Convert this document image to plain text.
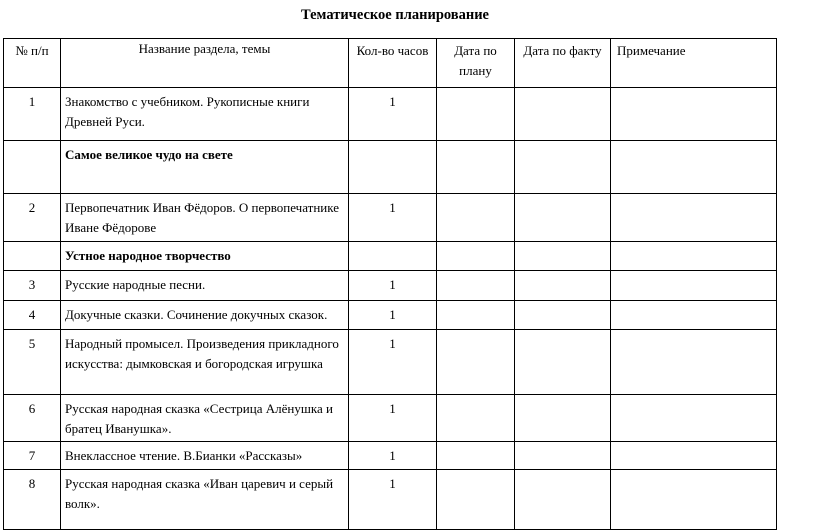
Тематическое планирование
№ п/п	Название раздела, темы	Кол-во часов	Дата по плану	Дата по факту	Примечание
1	Знакомство с учебником. Рукописные книги Древней Руси.	1			
	Самое великое чудо на свете				
2	Первопечатник Иван Фёдоров. О первопечатнике Иване Фёдорове	1			
	Устное народное творчество				
3	Русские народные песни.	1			
4	Докучные сказки. Сочинение докучных сказок.	1			
5	Народный промысел. Произведения прикладного искусства: дымковская и богородская игрушка	1			
6	Русская народная сказка «Сестрица Алёнушка и братец Иванушка».	1			
7	Внеклассное чтение. В.Бианки «Рассказы»	1			
8	Русская народная сказка «Иван царевич и серый волк».	1			
